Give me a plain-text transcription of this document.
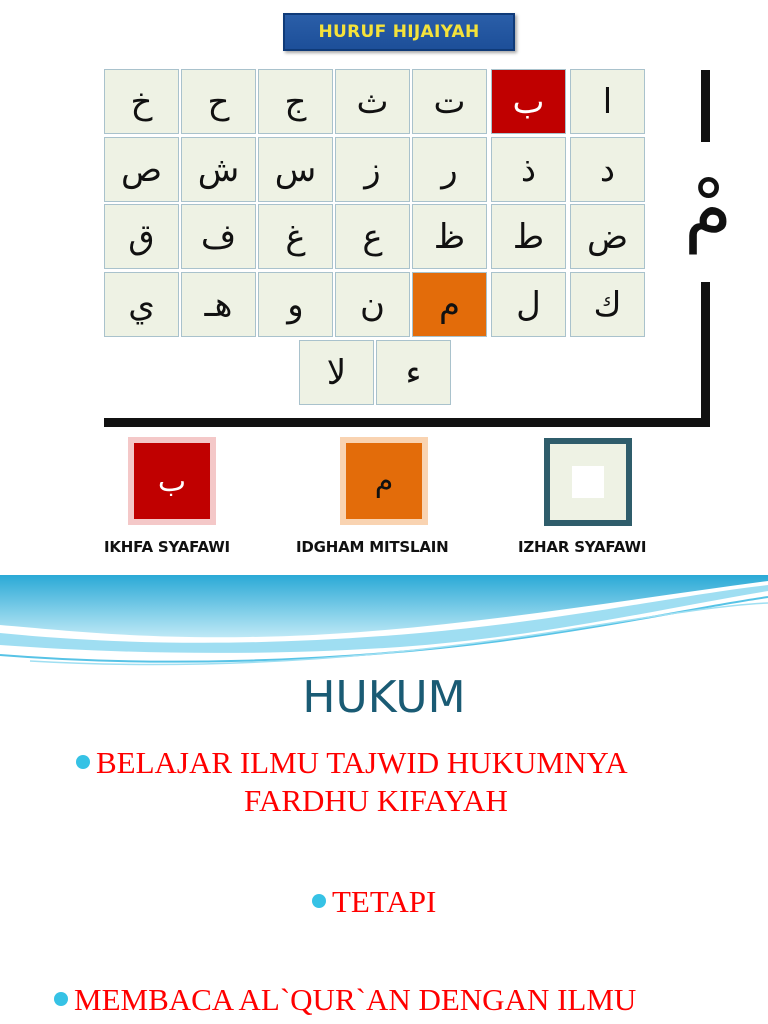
HURUF HIJAIYAH
خ	ح	ج	ث	ت	ب	ا
ص	ش	س	ز	ر	ذ	د
ق	ف	غ	ع	ظ	ط	ض
ي	هـ	و	ن	م	ل	ك
لا	ء
مْ
ب	م
IKHFA SYAFAWI	IDGHAM MITSLAIN	IZHAR SYAFAWI
HUKUM
BELAJAR ILMU TAJWID HUKUMNYA
FARDHU KIFAYAH
TETAPI
MEMBACA AL`QUR`AN DENGAN ILMU
